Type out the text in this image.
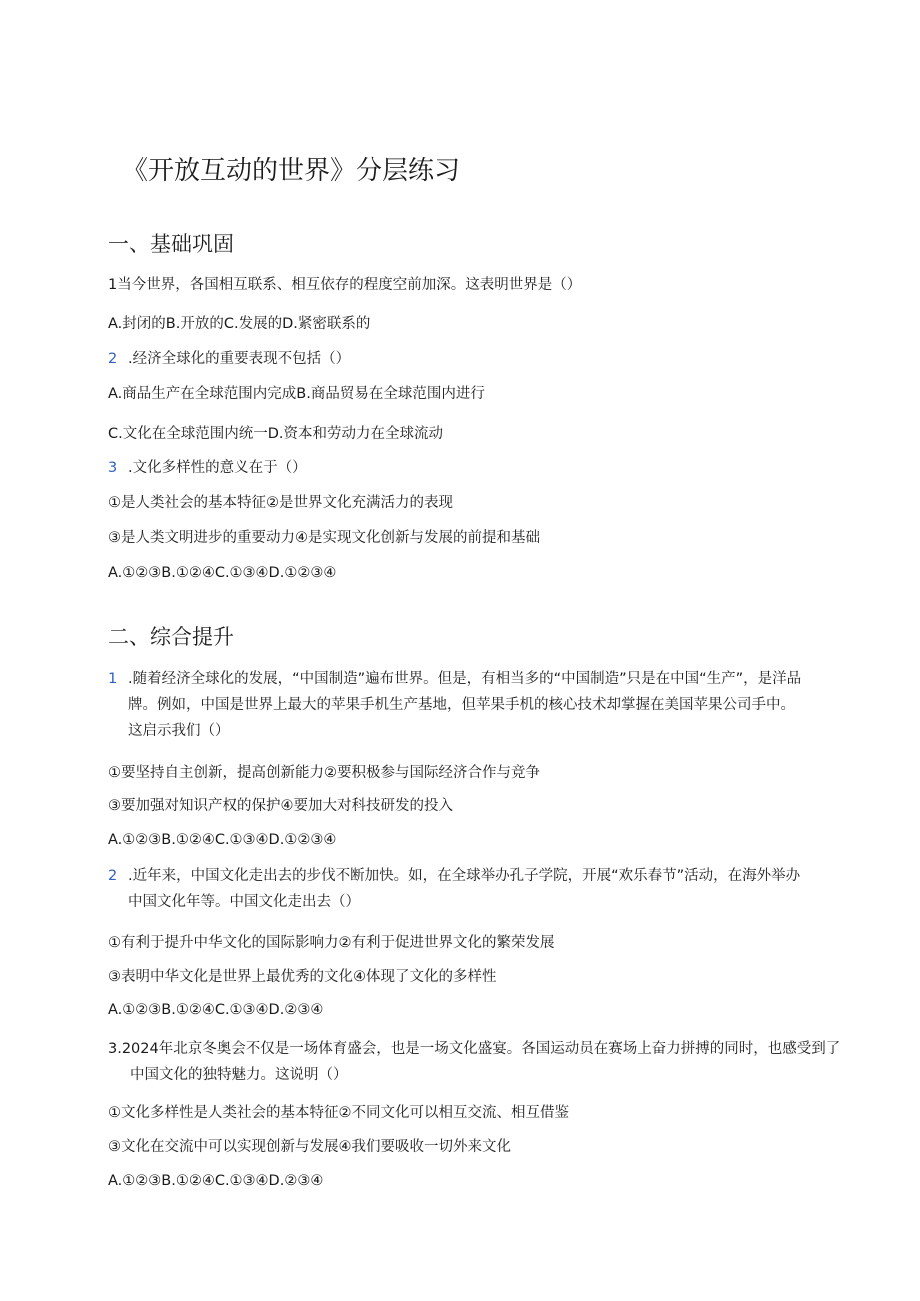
《开放互动的世界》分层练习
一、基础巩固
1当今世界，各国相互联系、相互依存的程度空前加深。这表明世界是（）
A.封闭的B.开放的C.发展的D.紧密联系的
2 .经济全球化的重要表现不包括（）
A.商品生产在全球范围内完成B.商品贸易在全球范围内进行
C.文化在全球范围内统一D.资本和劳动力在全球流动
3 .文化多样性的意义在于（）
①是人类社会的基本特征②是世界文化充满活力的表现
③是人类文明进步的重要动力④是实现文化创新与发展的前提和基础
A.①②③B.①②④C.①③④D.①②③④
二、综合提升
1 .随着经济全球化的发展，“中国制造”遍布世界。但是，有相当多的“中国制造”只是在中国“生产”，是洋品牌。例如，中国是世界上最大的苹果手机生产基地，但苹果手机的核心技术却掌握在美国苹果公司手中。这启示我们（）
①要坚持自主创新，提高创新能力②要积极参与国际经济合作与竞争
③要加强对知识产权的保护④要加大对科技研发的投入
A.①②③B.①②④C.①③④D.①②③④
2 .近年来，中国文化走出去的步伐不断加快。如，在全球举办孔子学院，开展“欢乐春节”活动，在海外举办中国文化年等。中国文化走出去（）
①有利于提升中华文化的国际影响力②有利于促进世界文化的繁荣发展
③表明中华文化是世界上最优秀的文化④体现了文化的多样性
A.①②③B.①②④C.①③④D.②③④
3.2024年北京冬奥会不仅是一场体育盛会，也是一场文化盛宴。各国运动员在赛场上奋力拼搏的同时，也感受到了中国文化的独特魅力。这说明（）
①文化多样性是人类社会的基本特征②不同文化可以相互交流、相互借鉴
③文化在交流中可以实现创新与发展④我们要吸收一切外来文化
A.①②③B.①②④C.①③④D.②③④
